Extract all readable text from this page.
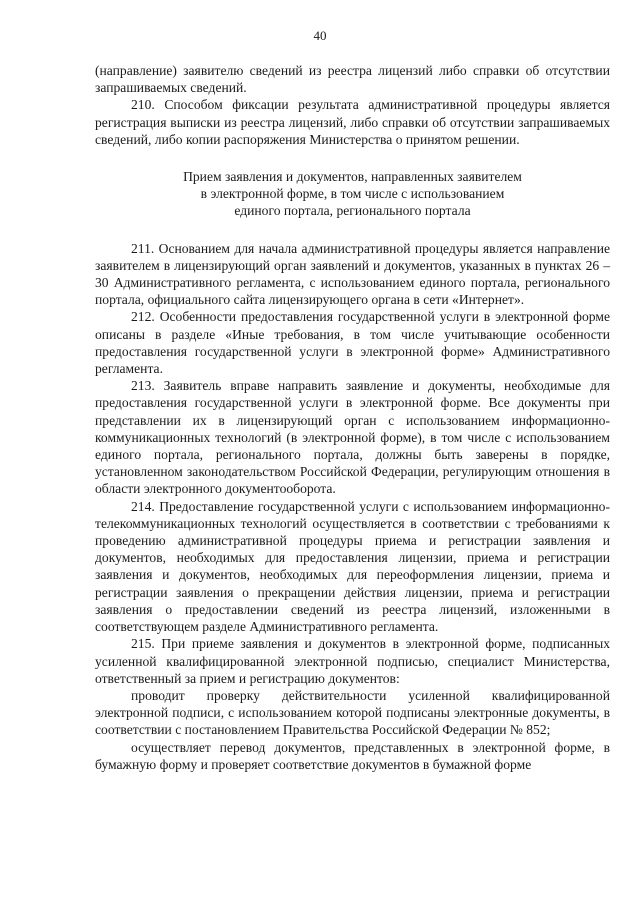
40

(направление) заявителю сведений из реестра лицензий либо справки об отсутствии запрашиваемых сведений.

210. Способом фиксации результата административной процедуры является регистрация выписки из реестра лицензий, либо справки об отсутствии запрашиваемых сведений, либо копии распоряжения Министерства о принятом решении.

Прием заявления и документов, направленных заявителем
в электронной форме, в том числе с использованием
единого портала, регионального портала

211. Основанием для начала административной процедуры является направление заявителем в лицензирующий орган заявлений и документов, указанных в пунктах 26 – 30 Административного регламента, с использованием единого портала, регионального портала, официального сайта лицензирующего органа в сети «Интернет».

212. Особенности предоставления государственной услуги в электронной форме описаны в разделе «Иные требования, в том числе учитывающие особенности предоставления государственной услуги в электронной форме» Административного регламента.

213. Заявитель вправе направить заявление и документы, необходимые для предоставления государственной услуги в электронной форме. Все документы при представлении их в лицензирующий орган с использованием информационно-коммуникационных технологий (в электронной форме), в том числе с использованием единого портала, регионального портала, должны быть заверены в порядке, установленном законодательством Российской Федерации, регулирующим отношения в области электронного документооборота.

214. Предоставление государственной услуги с использованием информационно-телекоммуникационных технологий осуществляется в соответствии с требованиями к проведению административной процедуры приема и регистрации заявления и документов, необходимых для предоставления лицензии, приема и регистрации заявления и документов, необходимых для переоформления лицензии, приема и регистрации заявления о прекращении действия лицензии, приема и регистрации заявления о предоставлении сведений из реестра лицензий, изложенными в соответствующем разделе Административного регламента.

215. При приеме заявления и документов в электронной форме, подписанных усиленной квалифицированной электронной подписью, специалист Министерства, ответственный за прием и регистрацию документов:

проводит проверку действительности усиленной квалифицированной электронной подписи, с использованием которой подписаны электронные документы, в соответствии с постановлением Правительства Российской Федерации № 852;

осуществляет перевод документов, представленных в электронной форме, в бумажную форму и проверяет соответствие документов в бумажной форме
